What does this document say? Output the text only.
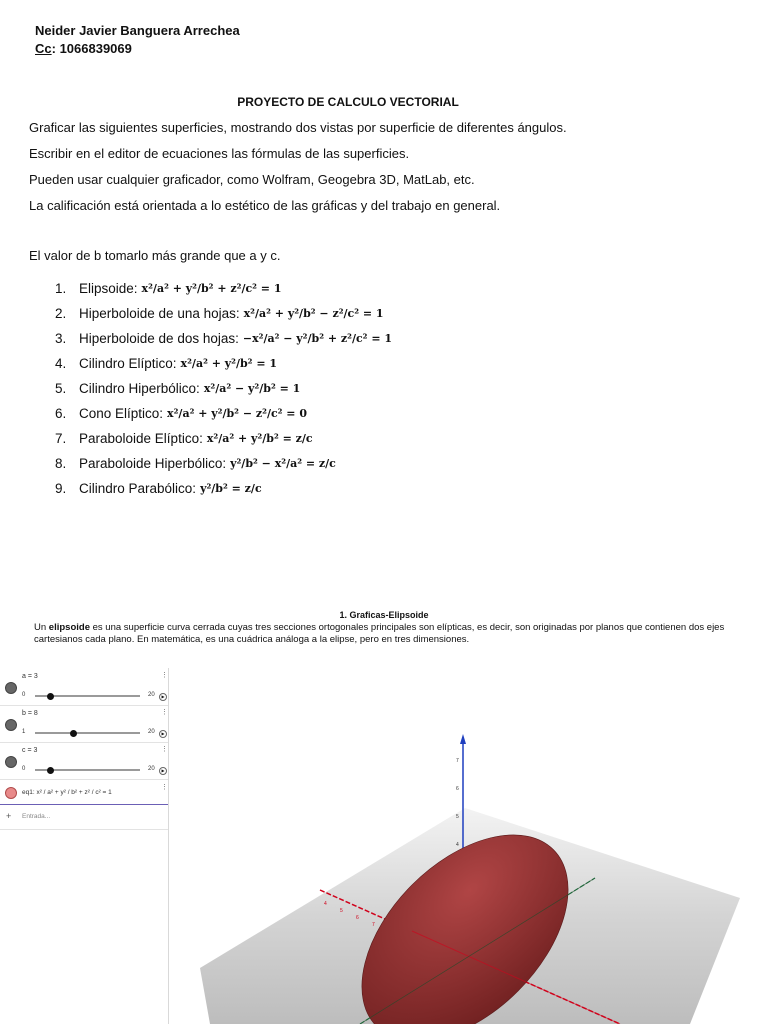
Neider Javier Banguera Arrechea
Cc: 1066839069
PROYECTO DE CALCULO VECTORIAL
Graficar las siguientes superficies, mostrando dos vistas por superficie de diferentes ángulos.
Escribir en el editor de ecuaciones las fórmulas de las superficies.
Pueden usar cualquier graficador, como Wolfram, Geogebra 3D, MatLab, etc.
La calificación está orientada a lo estético de las gráficas y del trabajo en general.
El valor de b tomarlo más grande que a y c.
1. Elipsoide: x²/a² + y²/b² + z²/c² = 1
2. Hiperboloide de una hojas: x²/a² + y²/b² − z²/c² = 1
3. Hiperboloide de dos hojas: −x²/a² − y²/b² + z²/c² = 1
4. Cilindro Elíptico: x²/a² + y²/b² = 1
5. Cilindro Hiperbólico: x²/a² − y²/b² = 1
6. Cono Elíptico: x²/a² + y²/b² − z²/c² = 0
7. Paraboloide Elíptico: x²/a² + y²/b² = z/c
8. Paraboloide Hiperbólico: y²/b² − x²/a² = z/c
9. Cilindro Parabólico: y²/b² = z/c
1. Graficas-Elipsoide
Un elipsoide es una superficie curva cerrada cuyas tres secciones ortogonales principales son elípticas, es decir, son originadas por planos que contienen dos ejes cartesianos cada plano. En matemática, es una cuádrica análoga a la elipse, pero en tres dimensiones.
a = 3	⋮
0	20	▶
b = 8	⋮
1	20	▶
c = 3	⋮
0	20	▶
eq1: x² / a² + y² / b² + z² / c² = 1
⋮
+ Entrada...
7
6
5
4
4
5
6
7
